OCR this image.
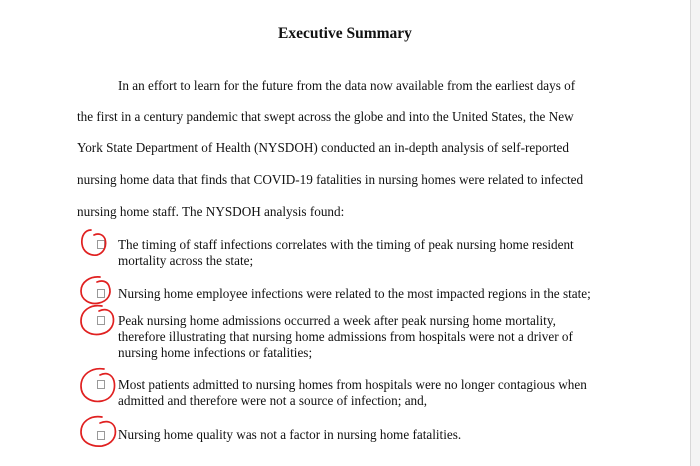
Executive Summary
In an effort to learn for the future from the data now available from the earliest days of
the first in a century pandemic that swept across the globe and into the United States, the New
York State Department of Health (NYSDOH) conducted an in-depth analysis of self-reported
nursing home data that finds that COVID-19 fatalities in nursing homes were related to infected
nursing home staff. The NYSDOH analysis found:
The timing of staff infections correlates with the timing of peak nursing home resident
mortality across the state;
Nursing home employee infections were related to the most impacted regions in the state;
Peak nursing home admissions occurred a week after peak nursing home mortality,
therefore illustrating that nursing home admissions from hospitals were not a driver of
nursing home infections or fatalities;
Most patients admitted to nursing homes from hospitals were no longer contagious when
admitted and therefore were not a source of infection; and,
Nursing home quality was not a factor in nursing home fatalities.
